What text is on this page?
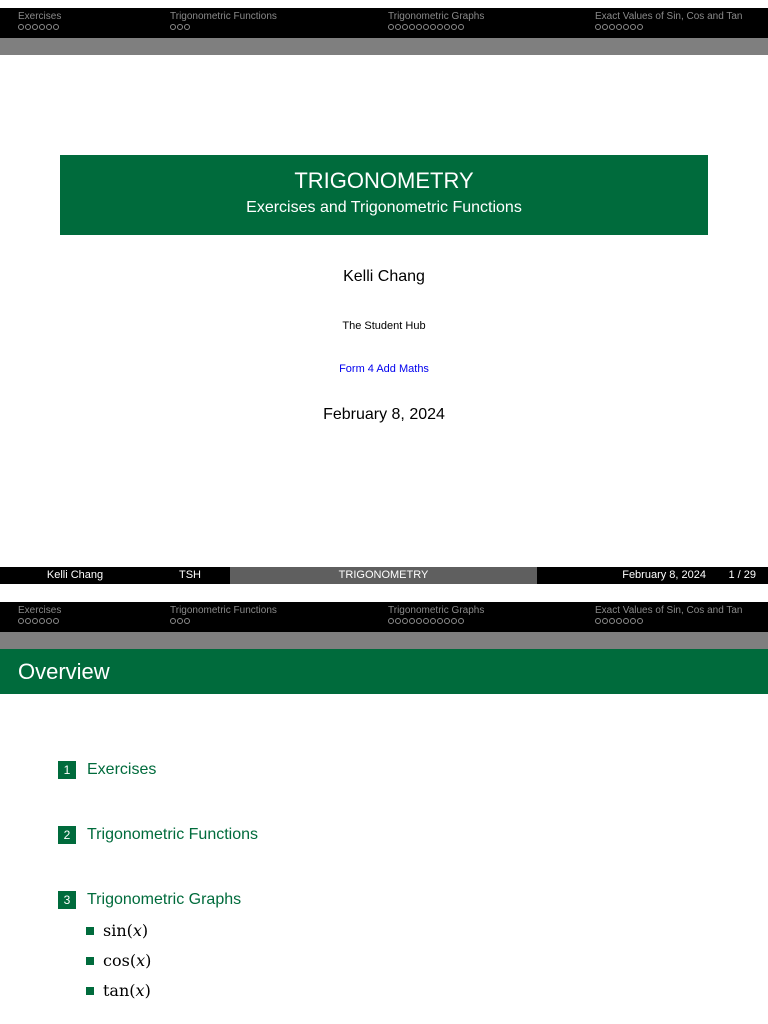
Exercises	Trigonometric Functions	Trigonometric Graphs	Exact Values of Sin, Cos and Tan
TRIGONOMETRY
Exercises and Trigonometric Functions
Kelli Chang
The Student Hub
Form 4 Add Maths
February 8, 2024
Kelli Chang	TSH	TRIGONOMETRY	February 8, 2024 1 / 29
Exercises	Trigonometric Functions	Trigonometric Graphs	Exact Values of Sin, Cos and Tan
Overview
1	Exercises
2	Trigonometric Functions
3	Trigonometric Graphs
sin(x)
cos(x)
tan(x)
